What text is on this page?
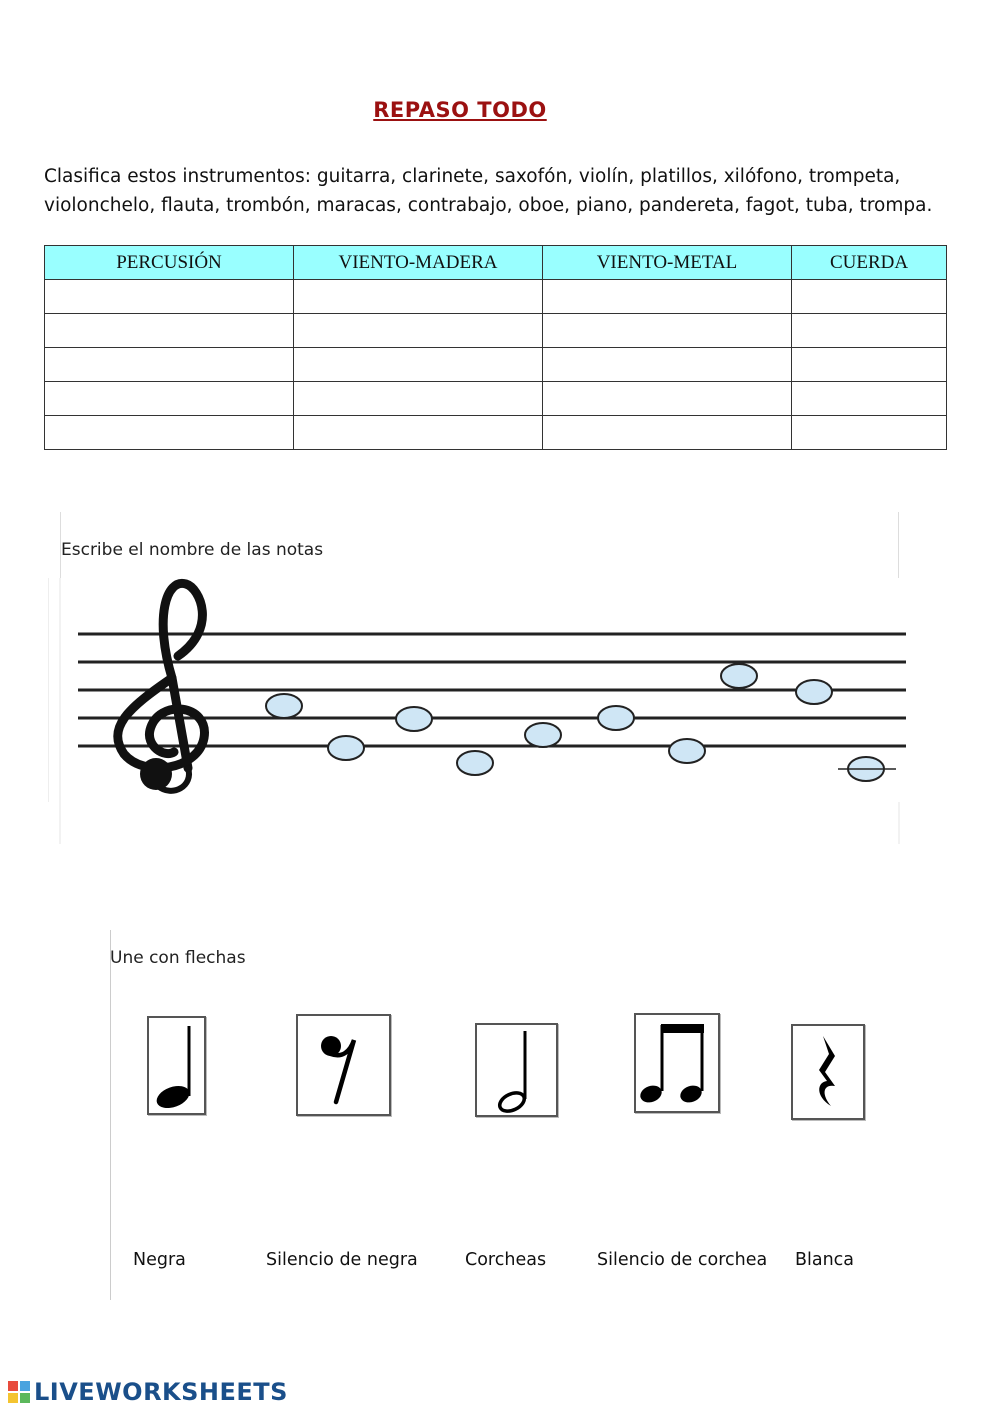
REPASO TODO
Clasifica estos instrumentos: guitarra, clarinete, saxofón, violín, platillos, xilófono, trompeta,
violonchelo, flauta, trombón, maracas, contrabajo, oboe, piano, pandereta, fagot, tuba, trompa.
PERCUSIÓN	VIENTO-MADERA	VIENTO-METAL	CUERDA

Escribe el nombre de las notas
Une con flechas
Negra	Silencio de negra	Corcheas	Silencio de corchea Blanca
LIVEWORKSHEETS
